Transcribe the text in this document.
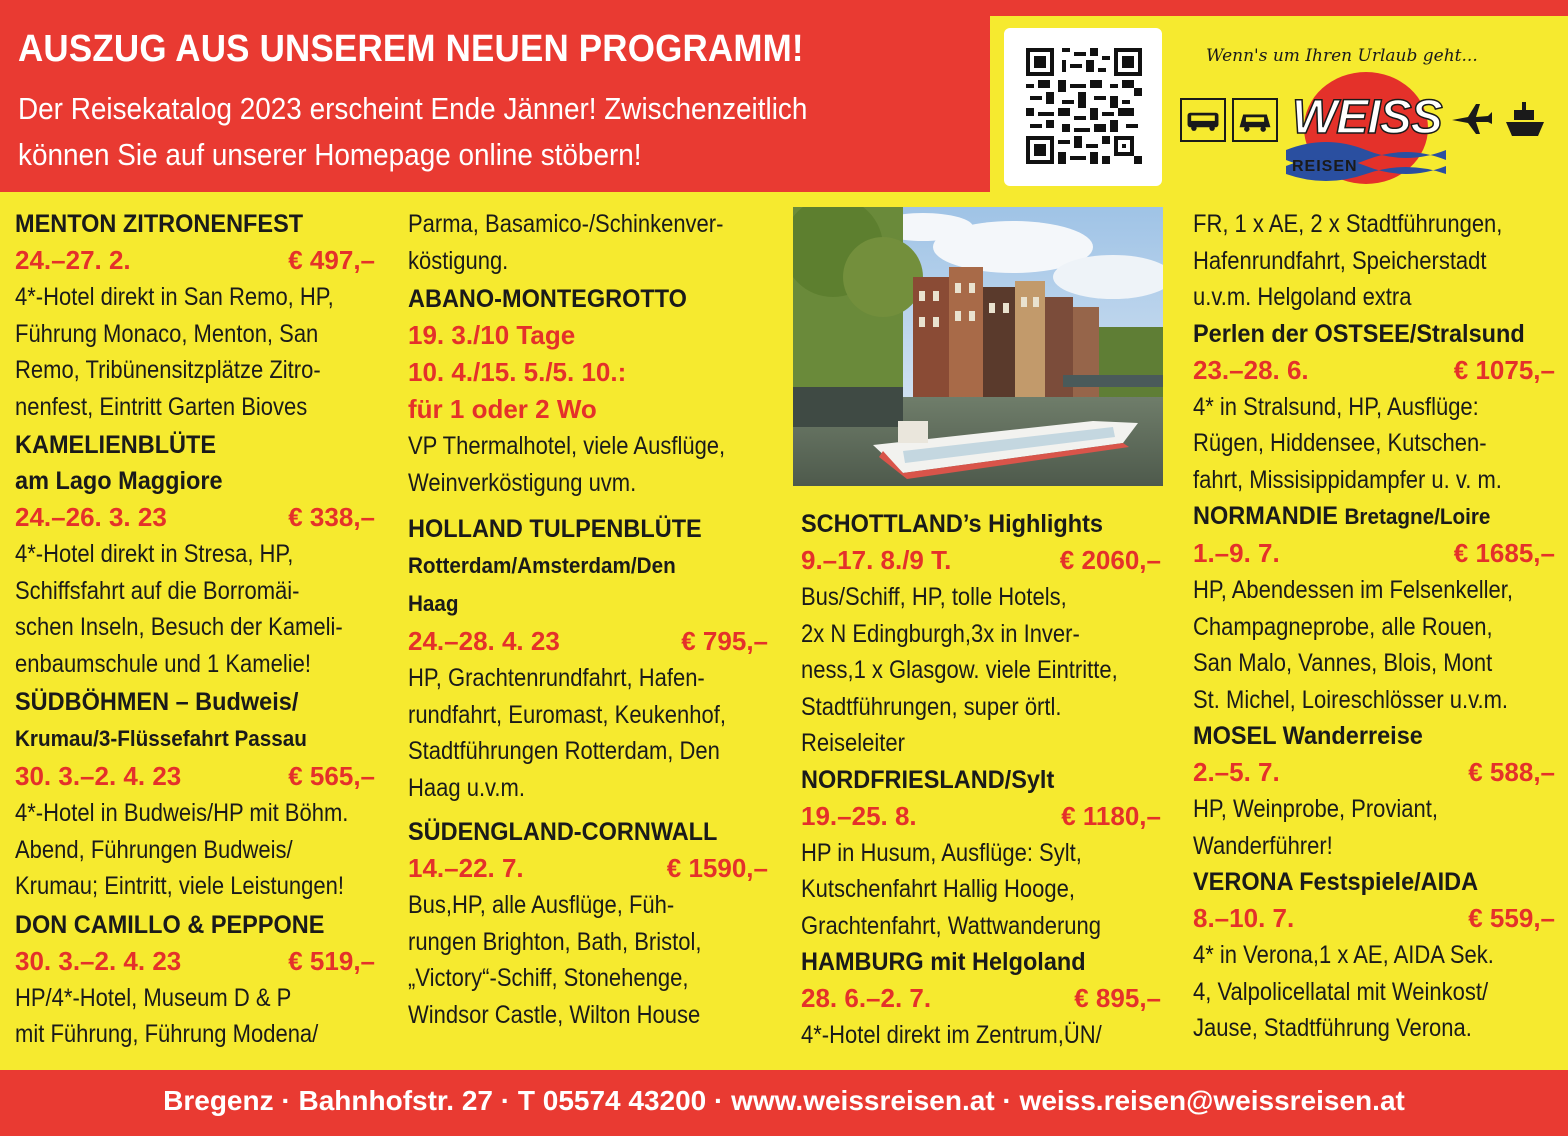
AUSZUG AUS UNSEREM NEUEN PROGRAMM!
Der Reisekatalog 2023 erscheint Ende Jänner! Zwischenzeitlich
können Sie auf unserer Homepage online stöbern!
Wenn's um Ihren Urlaub geht...
WEISS
REISEN
MENTON ZITRONENFEST
24.–27. 2.	€ 497,–
4*-Hotel direkt in San Remo, HP,
Führung Monaco, Menton, San
Remo, Tribünensitzplätze Zitro-
nenfest, Eintritt Garten Bioves
KAMELIENBLÜTE
am Lago Maggiore
24.–26. 3. 23	€ 338,–
4*-Hotel direkt in Stresa, HP,
Schiffsfahrt auf die Borromäi-
schen Inseln, Besuch der Kameli-
enbaumschule und 1 Kamelie!
SÜDBÖHMEN – Budweis/
Krumau/3-Flüssefahrt Passau
30. 3.–2. 4. 23	€ 565,–
4*-Hotel in Budweis/HP mit Böhm.
Abend, Führungen Budweis/
Krumau; Eintritt, viele Leistungen!
DON CAMILLO & PEPPONE
30. 3.–2. 4. 23	€ 519,–
HP/4*-Hotel, Museum D & P
mit Führung, Führung Modena/
Parma, Basamico-/Schinkenver-
köstigung.
ABANO-MONTEGROTTO
19. 3./10 Tage
10. 4./15. 5./5. 10.:
für 1 oder 2 Wo
VP Thermalhotel, viele Ausflüge,
Weinverköstigung uvm.
HOLLAND TULPENBLÜTE
Rotterdam/Amsterdam/Den
Haag
24.–28. 4. 23	€ 795,–
HP, Grachtenrundfahrt, Hafen-
rundfahrt, Euromast, Keukenhof,
Stadtführungen Rotterdam, Den
Haag u.v.m.
SÜDENGLAND-CORNWALL
14.–22. 7.	€ 1590,–
Bus,HP, alle Ausflüge, Füh-
rungen Brighton, Bath, Bristol,
„Victory“-Schiff, Stonehenge,
Windsor Castle, Wilton House
SCHOTTLAND’s Highlights
9.–17. 8./9 T.	€ 2060,–
Bus/Schiff, HP, tolle Hotels,
2x N Edingburgh,3x in Inver-
ness,1 x Glasgow. viele Eintritte,
Stadtführungen, super örtl.
Reiseleiter
NORDFRIESLAND/Sylt
19.–25. 8.	€ 1180,–
HP in Husum, Ausflüge: Sylt,
Kutschenfahrt Hallig Hooge,
Grachtenfahrt, Wattwanderung
HAMBURG mit Helgoland
28. 6.–2. 7.	€ 895,–
4*-Hotel direkt im Zentrum,ÜN/
FR, 1 x AE, 2 x Stadtführungen,
Hafenrundfahrt, Speicherstadt
u.v.m. Helgoland extra
Perlen der OSTSEE/Stralsund
23.–28. 6.	€ 1075,–
4* in Stralsund, HP, Ausflüge:
Rügen, Hiddensee, Kutschen-
fahrt, Missisippidampfer u. v. m.
NORMANDIE Bretagne/Loire
1.–9. 7.	€ 1685,–
HP, Abendessen im Felsenkeller,
Champagneprobe, alle Rouen,
San Malo, Vannes, Blois, Mont
St. Michel, Loireschlösser u.v.m.
MOSEL Wanderreise
2.–5. 7.	€ 588,–
HP, Weinprobe, Proviant,
Wanderführer!
VERONA Festspiele/AIDA
8.–10. 7.	€ 559,–
4* in Verona,1 x AE, AIDA Sek.
4, Valpolicellatal mit Weinkost/
Jause, Stadtführung Verona.
Bregenz · Bahnhofstr. 27 · T 05574 43200 · www.weissreisen.at · weiss.reisen@weissreisen.at
